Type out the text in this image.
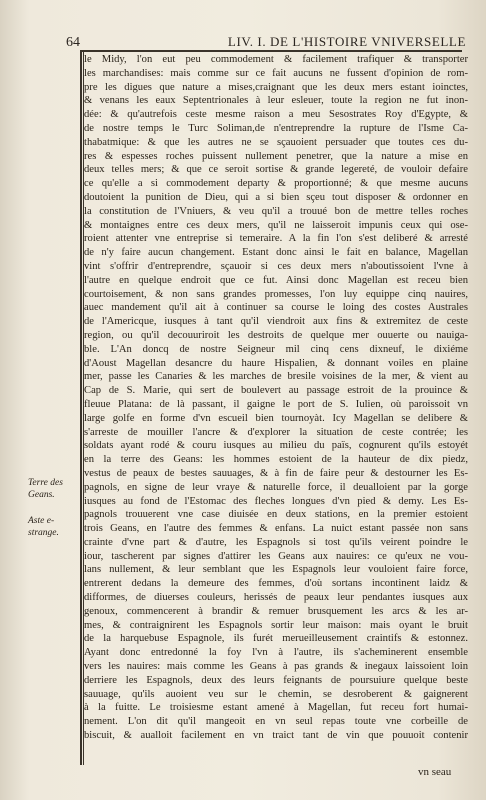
64	LIV. I. DE L'HISTOIRE VNIVERSELLE
Terre des Geans.
Aste e-strange.
le Midy, l'on eut peu commodement & facilement trafiquer & transporter
les marchandises: mais comme sur ce fait aucuns ne fussent d'opinion de rom-
pre les digues que nature a mises,craignant que les deux mers estant ioinctes,
& venans les eaux Septentrionales à leur esleuer, toute la region ne fut inon-
dée: & qu'autrefois ceste mesme raison a meu Sesostrates Roy d'Egypte, &
de nostre temps le Turc Soliman,de n'entreprendre la rupture de l'Isme Ca-
thabatmique: & que les autres ne se sçauoient persuader que toutes ces du-
res & espesses roches puissent nullement penetrer, que la nature a mise en
deux telles mers; & que ce seroit sortise & grande legereté, de vouloir defaire
ce qu'elle a si commodement departy & proportionné; & que mesme aucuns
doutoient la punition de Dieu, qui a si bien sçeu tout disposer & ordonner en
la constitution de l'Vniuers, & veu qu'il a trouué bon de mettre telles roches
& montaignes entre ces deux mers, qu'il ne laisseroit impunis ceux qui ose-
roient attenter vne entreprise si temeraire. A la fin l'on s'est deliberé & arresté
de n'y faire aucun changement. Estant donc ainsi le fait en balance, Magellan
vint s'offrir d'entreprendre, sçauoir si ces deux mers n'aboutissoient l'vne à
l'autre en quelque endroit que ce fut. Ainsi donc Magellan est receu bien
courtoisement, & non sans grandes promesses, l'on luy equippe cinq nauires,
auec mandement qu'il ait à continuer sa course le loing des costes Australes
de l'Americque, iusques à tant qu'il viendroit aux fins & extremitez de ceste
region, ou qu'il decouuriroit les destroits de quelque mer ouuerte ou nauiga-
ble. L'An doncq de nostre Seigneur mil cinq cens dixneuf, le dixiéme
d'Aoust Magellan desancre du haure Hispalien, & donnant voiles en plaine
mer, passe les Canaries & les marches de bresile voisines de la mer, & vient au
Cap de S. Marie, qui sert de boulevert au passage estroit de la prouince &
fleuue Platana: de là passant, il gaigne le port de S. Iulien, où paroissoit vn
large golfe en forme d'vn escueil bien tournoyàt. Icy Magellan se delibere &
s'arreste de mouiller l'ancre & d'explorer la situation de ceste contrée; les
soldats ayant rodé & couru iusques au milieu du païs, cognurent qu'ils estoyét
en la terre des Geans: les hommes estoient de la hauteur de dix piedz,
vestus de peaux de bestes sauuages, & à fin de faire peur & destourner les Es-
pagnols, en signe de leur vraye & naturelle force, il deualloient par la gorge
iusques au fond de l'Estomac des fleches longues d'vn pied & demy. Les Es-
pagnols trouuerent vne case diuisée en deux stations, en la premier estoient
trois Geans, en l'autre des femmes & enfans. La nuict estant passée non sans
crainte d'vne part & d'autre, les Espagnols si tost qu'ils veirent poindre le
iour, tascherent par signes d'attirer les Geans aux nauires: ce qu'eux ne vou-
lans nullement, & leur semblant que les Espagnols leur vouloient faire force,
entrerent dedans la demeure des femmes, d'où sortans incontinent laidz &
difformes, de diuerses couleurs, herissés de peaux leur pendantes iusques aux
genoux, commencerent à brandir & remuer brusquement les arcs & les ar-
mes, & contraignirent les Espagnols sortir leur maison: mais oyant le bruit
de la harquebuse Espagnole, ils furét merueilleusement craintifs & estonnez.
Ayant donc entredonné la foy l'vn à l'autre, ils s'acheminerent ensemble
vers les nauires: mais comme les Geans à pas grands & inegaux laissoient loin
derriere les Espagnols, deux des leurs feignants de poursuiure quelque beste
sauuage, qu'ils auoient veu sur le chemin, se desroberent & gaignerent
à la fuitte. Le troisiesme estant amené à Magellan, fut receu fort humai-
nement. L'on dit qu'il mangeoit en vn seul repas toute vne corbeille de
biscuit, & aualloit facilement en vn traict tant de vin que pouuoit contenir
vn seau
